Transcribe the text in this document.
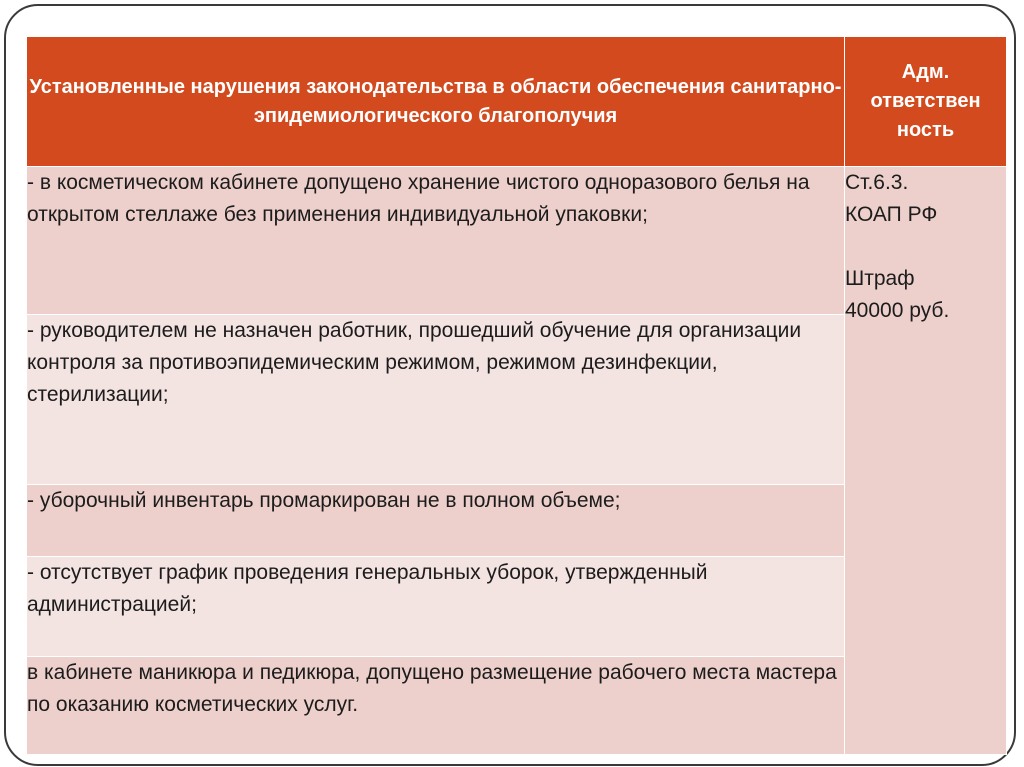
Установленные нарушения законодательства в области обеспечения санитарно-эпидемиологического благополучия	Адм. ответствен ность
- в косметическом кабинете допущено хранение чистого одноразового белья на открытом стеллаже без применения индивидуальной упаковки;	Ст.6.3.
КОАП РФ
Штраф
40000 руб.

- руководителем не назначен работник, прошедший обучение для организации контроля за противоэпидемическим режимом, режимом дезинфекции, стерилизации;	
- уборочный инвентарь промаркирован не в полном объеме;	
- отсутствует график проведения генеральных уборок, утвержденный администрацией;	
в кабинете маникюра и педикюра, допущено размещение рабочего места мастера по оказанию косметических услуг.	
